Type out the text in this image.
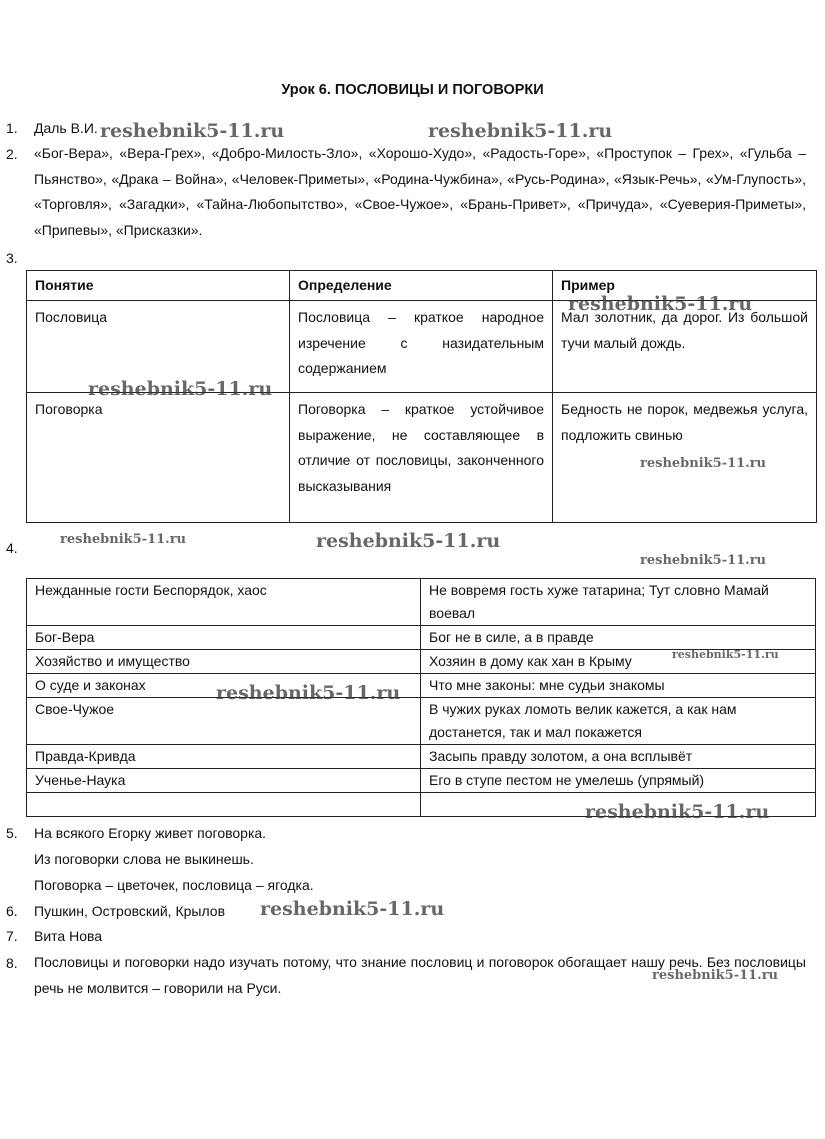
Урок 6. ПОСЛОВИЦЫ И ПОГОВОРКИ
1. Даль В.И.
2. «Бог-Вера», «Вера-Грех», «Добро-Милость-Зло», «Хорошо-Худо», «Радость-Горе», «Проступок – Грех», «Гульба – Пьянство», «Драка – Война», «Человек-Приметы», «Родина-Чужбина», «Русь-Родина», «Язык-Речь», «Ум-Глупость», «Торговля», «Загадки», «Тайна-Любопытство», «Свое-Чужое», «Брань-Привет», «Причуда», «Суеверия-Приметы», «Припевы», «Присказки».
3.
Понятие	Определение	Пример
Пословица	Пословица – краткое народное изречение с назидательным содержанием	Мал золотник, да дорог. Из большой тучи малый дождь.
Поговорка	Поговорка – краткое устойчивое выражение, не составляющее в отличие от пословицы, законченного высказывания	Бедность не порок, медвежья услуга, подложить свинью
4.
Нежданные гости Беспорядок, хаос	Не вовремя гость хуже татарина; Тут словно Мамай воевал
Бог-Вера	Бог не в силе, а в правде
Хозяйство и имущество	Хозяин в дому как хан в Крыму
О суде и законах	Что мне законы: мне судьи знакомы
Свое-Чужое	В чужих руках ломоть велик кажется, а как нам достанется, так и мал покажется
Правда-Кривда	Засыпь правду золотом, а она всплывёт
Ученье-Наука	Его в ступе пестом не умелешь (упрямый)

5. На всякого Егорку живет поговорка.
Из поговорки слова не выкинешь.
Поговорка – цветочек, пословица – ягодка.
6. Пушкин, Островский, Крылов
7. Вита Нова
8. Пословицы и поговорки надо изучать потому, что знание пословиц и поговорок обогащает нашу речь. Без пословицы речь не молвится – говорили на Руси.
reshebnik5-11.ru	reshebnik5-11.ru
reshebnik5-11.ru
reshebnik5-11.ru
reshebnik5-11.ru
reshebnik5-11.ru	reshebnik5-11.ru
reshebnik5-11.ru
reshebnik5-11.ru
reshebnik5-11.ru
reshebnik5-11.ru
reshebnik5-11.ru
reshebnik5-11.ru
